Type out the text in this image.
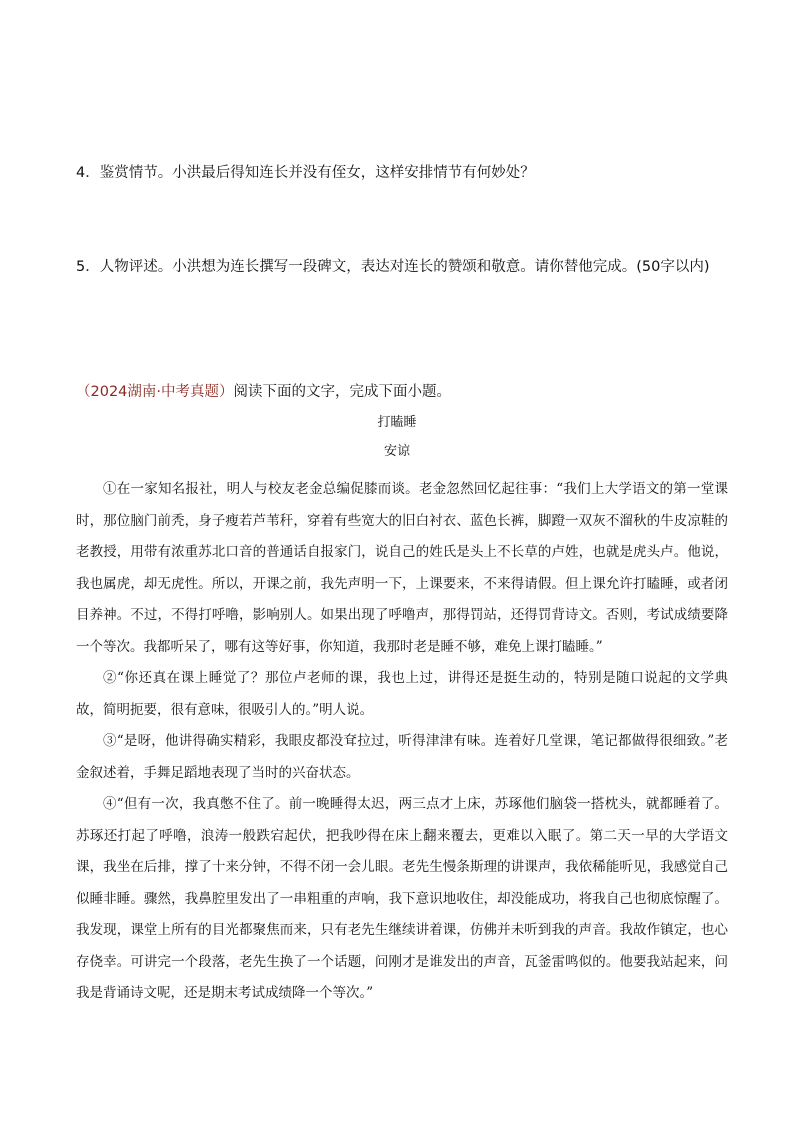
4．鉴赏情节。小洪最后得知连长并没有侄女，这样安排情节有何妙处？
5．人物评述。小洪想为连长撰写一段碑文，表达对连长的赞颂和敬意。请你替他完成。(50字以内)
（2024湖南·中考真题）阅读下面的文字，完成下面小题。
打瞌睡
安谅

①在一家知名报社，明人与校友老金总编促膝而谈。老金忽然回忆起往事：“我们上大学语文的第一堂课时，那位脑门前秃，身子瘦若芦苇秆，穿着有些宽大的旧白衬衣、蓝色长裤，脚蹬一双灰不溜秋的牛皮凉鞋的老教授，用带有浓重苏北口音的普通话自报家门，说自己的姓氏是头上不长草的卢姓，也就是虎头卢。他说，我也属虎，却无虎性。所以，开课之前，我先声明一下，上课要来，不来得请假。但上课允许打瞌睡，或者闭目养神。不过，不得打呼噜，影响别人。如果出现了呼噜声，那得罚站，还得罚背诗文。否则，考试成绩要降一个等次。我都听呆了，哪有这等好事，你知道，我那时老是睡不够，难免上课打瞌睡。”

②“你还真在课上睡觉了？那位卢老师的课，我也上过，讲得还是挺生动的，特别是随口说起的文学典故，简明扼要，很有意味，很吸引人的。”明人说。

③“是呀，他讲得确实精彩，我眼皮都没耷拉过，听得津津有味。连着好几堂课，笔记都做得很细致。”老金叙述着，手舞足蹈地表现了当时的兴奋状态。

④“但有一次，我真憋不住了。前一晚睡得太迟，两三点才上床，苏琢他们脑袋一搭枕头，就都睡着了。苏琢还打起了呼噜，浪涛一般跌宕起伏，把我吵得在床上翻来覆去，更难以入眠了。第二天一早的大学语文课，我坐在后排，撑了十来分钟，不得不闭一会儿眼。老先生慢条斯理的讲课声，我依稀能听见，我感觉自己似睡非睡。骤然，我鼻腔里发出了一串粗重的声响，我下意识地收住，却没能成功，将我自己也彻底惊醒了。我发现，课堂上所有的目光都聚焦而来，只有老先生继续讲着课，仿佛并未听到我的声音。我故作镇定，也心存侥幸。可讲完一个段落，老先生换了一个话题，问刚才是谁发出的声音，瓦釜雷鸣似的。他要我站起来，问我是背诵诗文呢，还是期末考试成绩降一个等次。”
